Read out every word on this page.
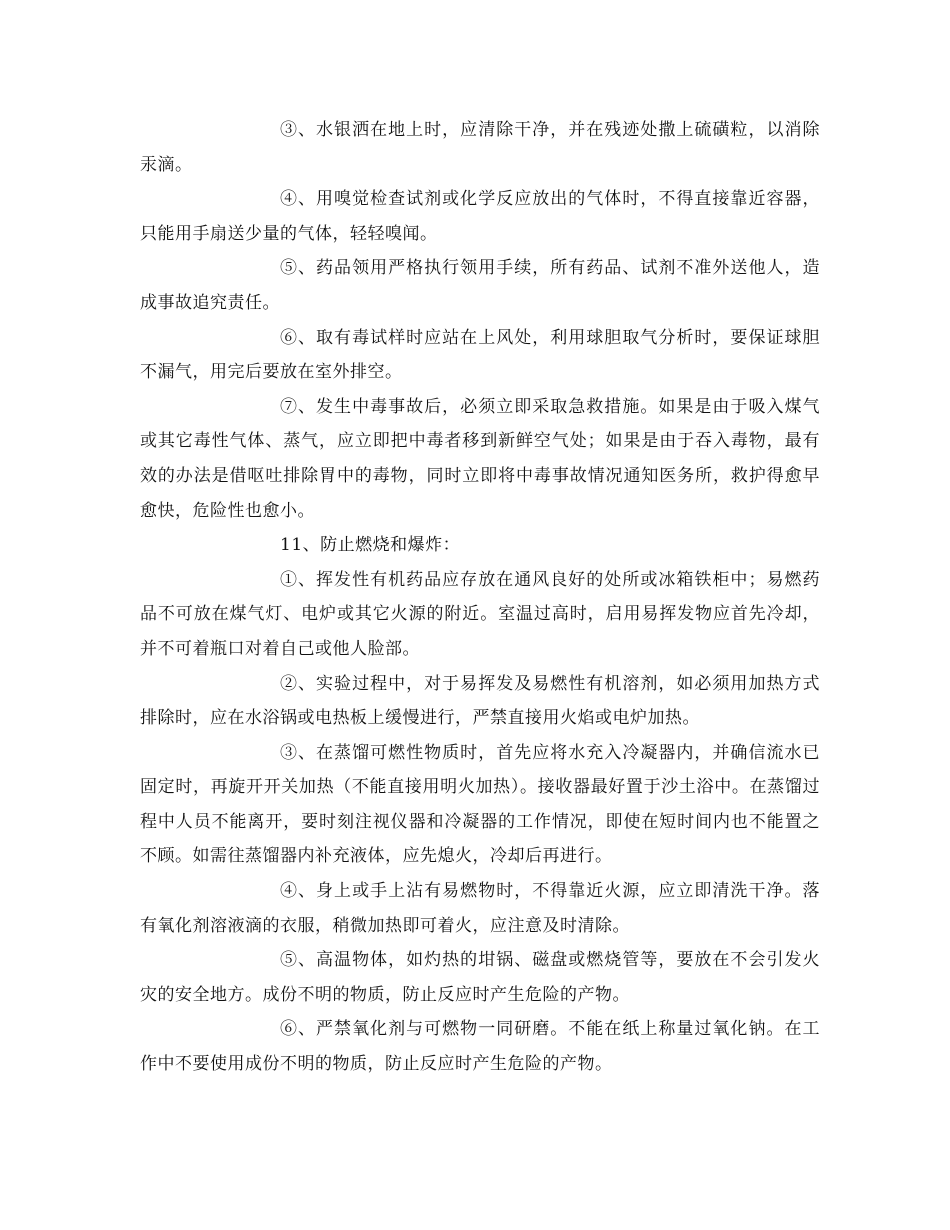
③、水银洒在地上时，应清除干净，并在残迹处撒上硫磺粒，以消除汞滴。

④、用嗅觉检查试剂或化学反应放出的气体时，不得直接靠近容器，只能用手扇送少量的气体，轻轻嗅闻。

⑤、药品领用严格执行领用手续，所有药品、试剂不准外送他人，造成事故追究责任。

⑥、取有毒试样时应站在上风处，利用球胆取气分析时，要保证球胆不漏气，用完后要放在室外排空。

⑦、发生中毒事故后，必须立即采取急救措施。如果是由于吸入煤气或其它毒性气体、蒸气，应立即把中毒者移到新鲜空气处；如果是由于吞入毒物，最有效的办法是借呕吐排除胃中的毒物，同时立即将中毒事故情况通知医务所，救护得愈早愈快，危险性也愈小。

11、防止燃烧和爆炸：

①、挥发性有机药品应存放在通风良好的处所或冰箱铁柜中；易燃药品不可放在煤气灯、电炉或其它火源的附近。室温过高时，启用易挥发物应首先冷却，并不可着瓶口对着自己或他人脸部。

②、实验过程中，对于易挥发及易燃性有机溶剂，如必须用加热方式排除时，应在水浴锅或电热板上缓慢进行，严禁直接用火焰或电炉加热。

③、在蒸馏可燃性物质时，首先应将水充入冷凝器内，并确信流水已固定时，再旋开开关加热（不能直接用明火加热）。接收器最好置于沙土浴中。在蒸馏过程中人员不能离开，要时刻注视仪器和冷凝器的工作情况，即使在短时间内也不能置之不顾。如需往蒸馏器内补充液体，应先熄火，冷却后再进行。

④、身上或手上沾有易燃物时，不得靠近火源，应立即清洗干净。落有氧化剂溶液滴的衣服，稍微加热即可着火，应注意及时清除。

⑤、高温物体，如灼热的坩锅、磁盘或燃烧管等，要放在不会引发火灾的安全地方。成份不明的物质，防止反应时产生危险的产物。

⑥、严禁氧化剂与可燃物一同研磨。不能在纸上称量过氧化钠。在工作中不要使用成份不明的物质，防止反应时产生危险的产物。
